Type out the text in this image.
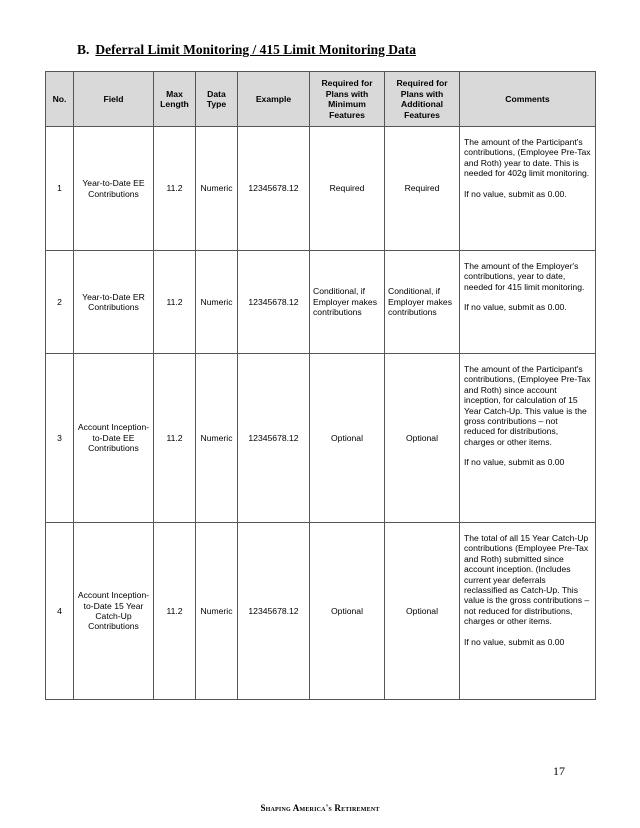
B. Deferral Limit Monitoring / 415 Limit Monitoring Data
No.	Field	Max Length	Data Type	Example	Required for Plans with Minimum Features	Required for Plans with Additional Features	Comments
1	Year-to-Date EE Contributions	11.2	Numeric	12345678.12	Required	Required	The amount of the Participant's contributions, (Employee Pre-Tax and Roth) year to date. This is needed for 402g limit monitoring.

If no value, submit as 0.00.

2	Year-to-Date ER Contributions	11.2	Numeric	12345678.12	Conditional, if Employer makes contributions	Conditional, if Employer makes contributions	The amount of the Employer's contributions, year to date, needed for 415 limit monitoring.

If no value, submit as 0.00.

3	Account Inception-to-Date EE Contributions	11.2	Numeric	12345678.12	Optional	Optional	The amount of the Participant's contributions, (Employee Pre-Tax and Roth) since account inception, for calculation of 15 Year Catch-Up. This value is the gross contributions – not reduced for distributions, charges or other items.

If no value, submit as 0.00

4	Account Inception-to-Date 15 Year Catch-Up Contributions	11.2	Numeric	12345678.12	Optional	Optional	The total of all 15 Year Catch-Up contributions (Employee Pre-Tax and Roth) submitted since account inception. (Includes current year deferrals reclassified as Catch-Up. This value is the gross contributions – not reduced for distributions, charges or other items.

If no value, submit as 0.00

17
Shaping America's Retirement
